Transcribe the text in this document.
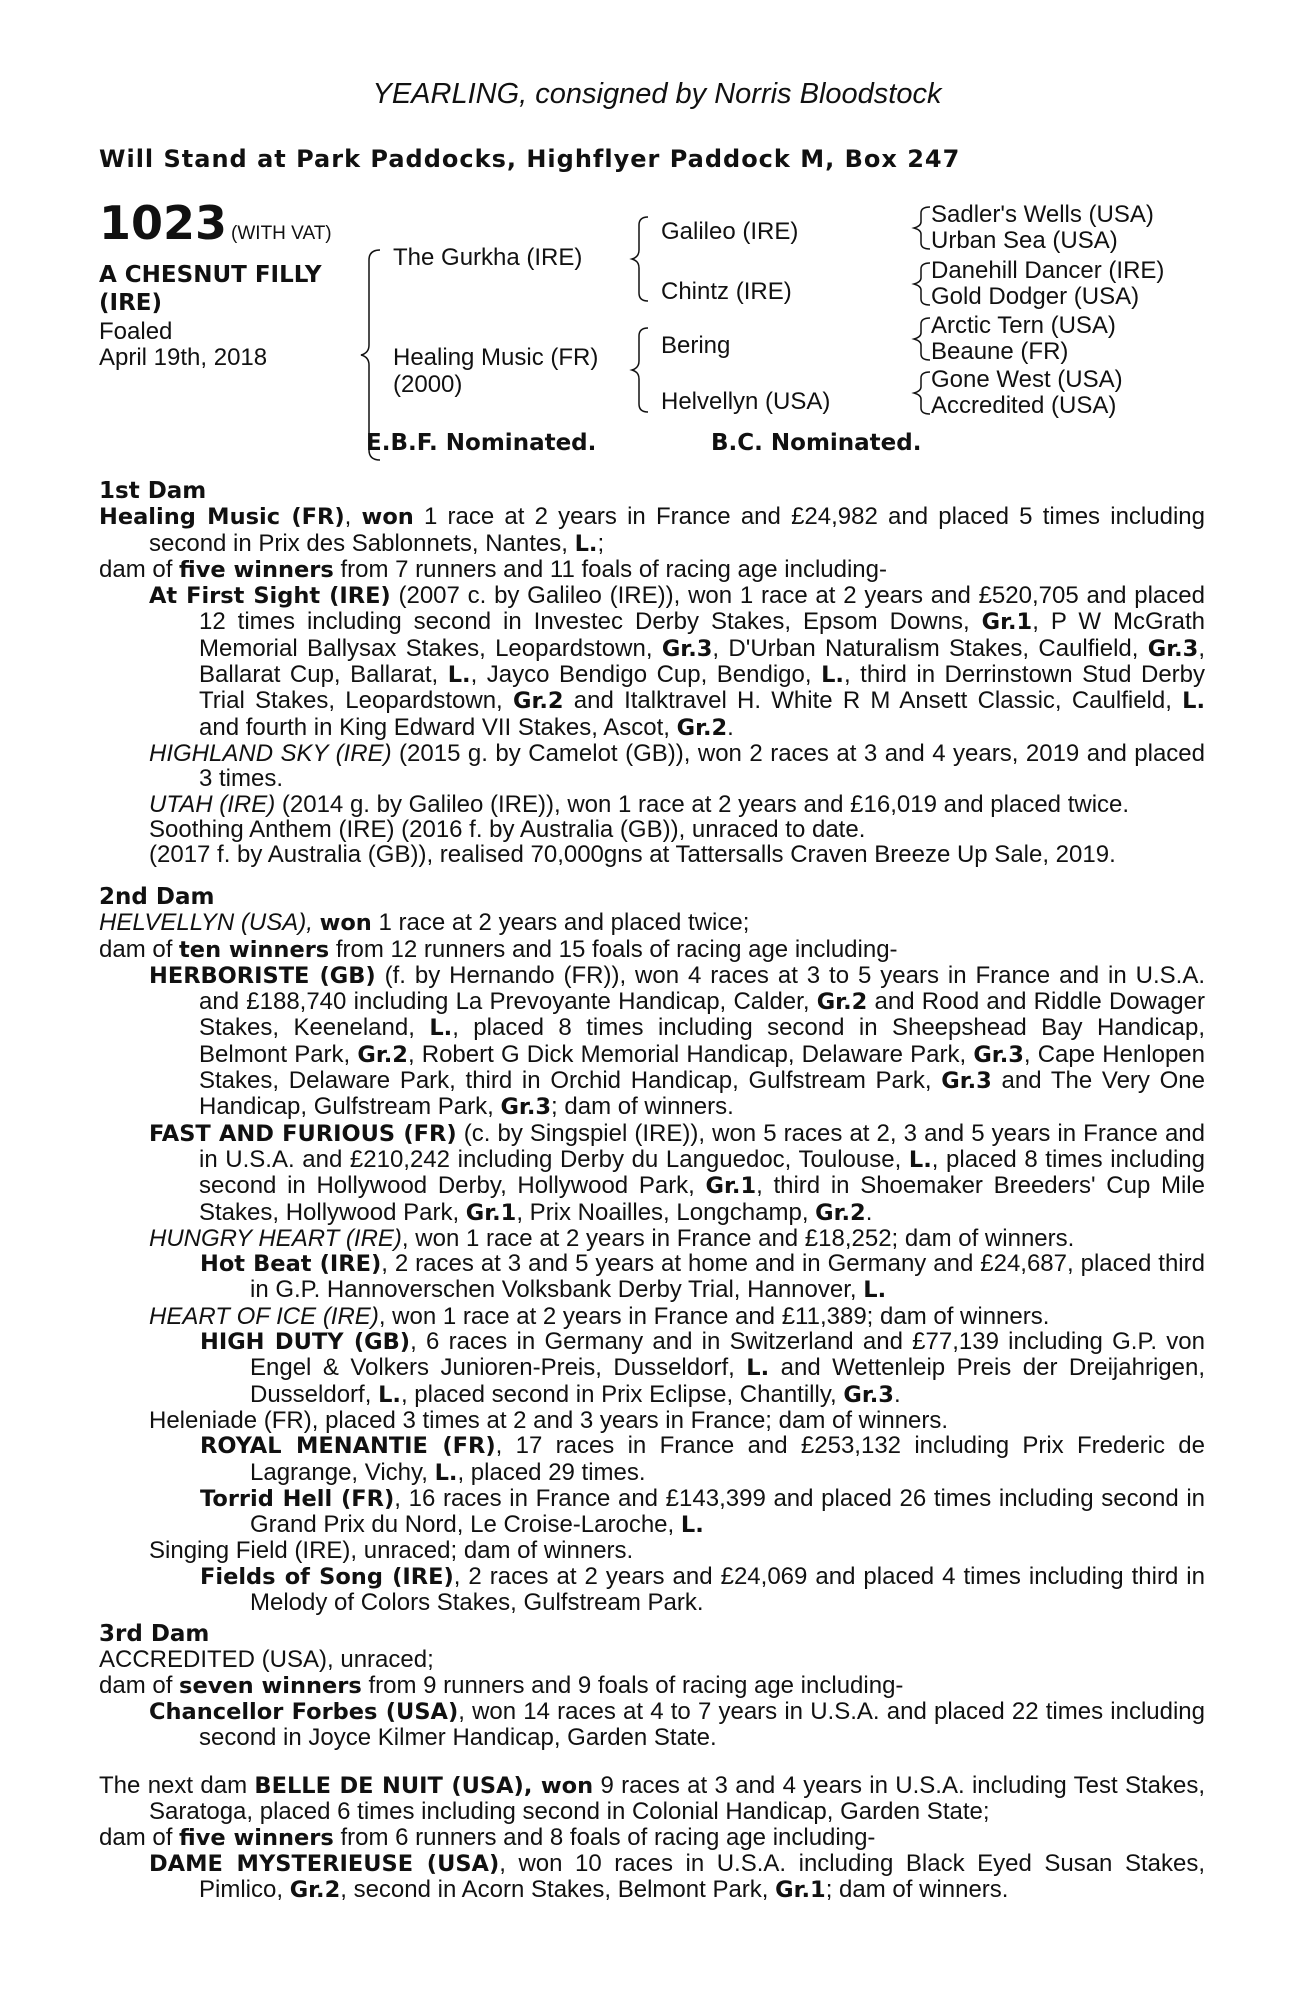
YEARLING, consigned by Norris Bloodstock
Will Stand at Park Paddocks, Highflyer Paddock M, Box 247
1023 (WITH VAT)
A CHESNUT FILLY
(IRE)
Foaled
April 19th, 2018
The Gurkha (IRE)
Healing Music (FR)
(2000)
Galileo (IRE)
Chintz (IRE)
Bering
Helvellyn (USA)
Sadler's Wells (USA)
Urban Sea (USA)
Danehill Dancer (IRE)
Gold Dodger (USA)
Arctic Tern (USA)
Beaune (FR)
Gone West (USA)
Accredited (USA)
E.B.F. Nominated.	B.C. Nominated.
1st Dam
Healing Music (FR), won 1 race at 2 years in France and £24,982 and placed 5 times including second in Prix des Sablonnets, Nantes, L.;
dam of five winners from 7 runners and 11 foals of racing age including-
At First Sight (IRE) (2007 c. by Galileo (IRE)), won 1 race at 2 years and £520,705 and placed 12 times including second in Investec Derby Stakes, Epsom Downs, Gr.1, P W McGrath Memorial Ballysax Stakes, Leopardstown, Gr.3, D'Urban Naturalism Stakes, Caulfield, Gr.3, Ballarat Cup, Ballarat, L., Jayco Bendigo Cup, Bendigo, L., third in Derrinstown Stud Derby Trial Stakes, Leopardstown, Gr.2 and Italktravel H. White R M Ansett Classic, Caulfield, L. and fourth in King Edward VII Stakes, Ascot, Gr.2.
HIGHLAND SKY (IRE) (2015 g. by Camelot (GB)), won 2 races at 3 and 4 years, 2019 and placed 3 times.
UTAH (IRE) (2014 g. by Galileo (IRE)), won 1 race at 2 years and £16,019 and placed twice.
Soothing Anthem (IRE) (2016 f. by Australia (GB)), unraced to date.
(2017 f. by Australia (GB)), realised 70,000gns at Tattersalls Craven Breeze Up Sale, 2019.
2nd Dam
HELVELLYN (USA), won 1 race at 2 years and placed twice;
dam of ten winners from 12 runners and 15 foals of racing age including-
HERBORISTE (GB) (f. by Hernando (FR)), won 4 races at 3 to 5 years in France and in U.S.A. and £188,740 including La Prevoyante Handicap, Calder, Gr.2 and Rood and Riddle Dowager Stakes, Keeneland, L., placed 8 times including second in Sheepshead Bay Handicap, Belmont Park, Gr.2, Robert G Dick Memorial Handicap, Delaware Park, Gr.3, Cape Henlopen Stakes, Delaware Park, third in Orchid Handicap, Gulfstream Park, Gr.3 and The Very One Handicap, Gulfstream Park, Gr.3; dam of winners.
FAST AND FURIOUS (FR) (c. by Singspiel (IRE)), won 5 races at 2, 3 and 5 years in France and in U.S.A. and £210,242 including Derby du Languedoc, Toulouse, L., placed 8 times including second in Hollywood Derby, Hollywood Park, Gr.1, third in Shoemaker Breeders' Cup Mile Stakes, Hollywood Park, Gr.1, Prix Noailles, Longchamp, Gr.2.
HUNGRY HEART (IRE), won 1 race at 2 years in France and £18,252; dam of winners.
Hot Beat (IRE), 2 races at 3 and 5 years at home and in Germany and £24,687, placed third in G.P. Hannoverschen Volksbank Derby Trial, Hannover, L.
HEART OF ICE (IRE), won 1 race at 2 years in France and £11,389; dam of winners.
HIGH DUTY (GB), 6 races in Germany and in Switzerland and £77,139 including G.P. von Engel & Volkers Junioren-Preis, Dusseldorf, L. and Wettenleip Preis der Dreijahrigen, Dusseldorf, L., placed second in Prix Eclipse, Chantilly, Gr.3.
Heleniade (FR), placed 3 times at 2 and 3 years in France; dam of winners.
ROYAL MENANTIE (FR), 17 races in France and £253,132 including Prix Frederic de Lagrange, Vichy, L., placed 29 times.
Torrid Hell (FR), 16 races in France and £143,399 and placed 26 times including second in Grand Prix du Nord, Le Croise-Laroche, L.
Singing Field (IRE), unraced; dam of winners.
Fields of Song (IRE), 2 races at 2 years and £24,069 and placed 4 times including third in Melody of Colors Stakes, Gulfstream Park.
3rd Dam
ACCREDITED (USA), unraced;
dam of seven winners from 9 runners and 9 foals of racing age including-
Chancellor Forbes (USA), won 14 races at 4 to 7 years in U.S.A. and placed 22 times including second in Joyce Kilmer Handicap, Garden State.
The next dam BELLE DE NUIT (USA), won 9 races at 3 and 4 years in U.S.A. including Test Stakes, Saratoga, placed 6 times including second in Colonial Handicap, Garden State;
dam of five winners from 6 runners and 8 foals of racing age including-
DAME MYSTERIEUSE (USA), won 10 races in U.S.A. including Black Eyed Susan Stakes, Pimlico, Gr.2, second in Acorn Stakes, Belmont Park, Gr.1; dam of winners.
